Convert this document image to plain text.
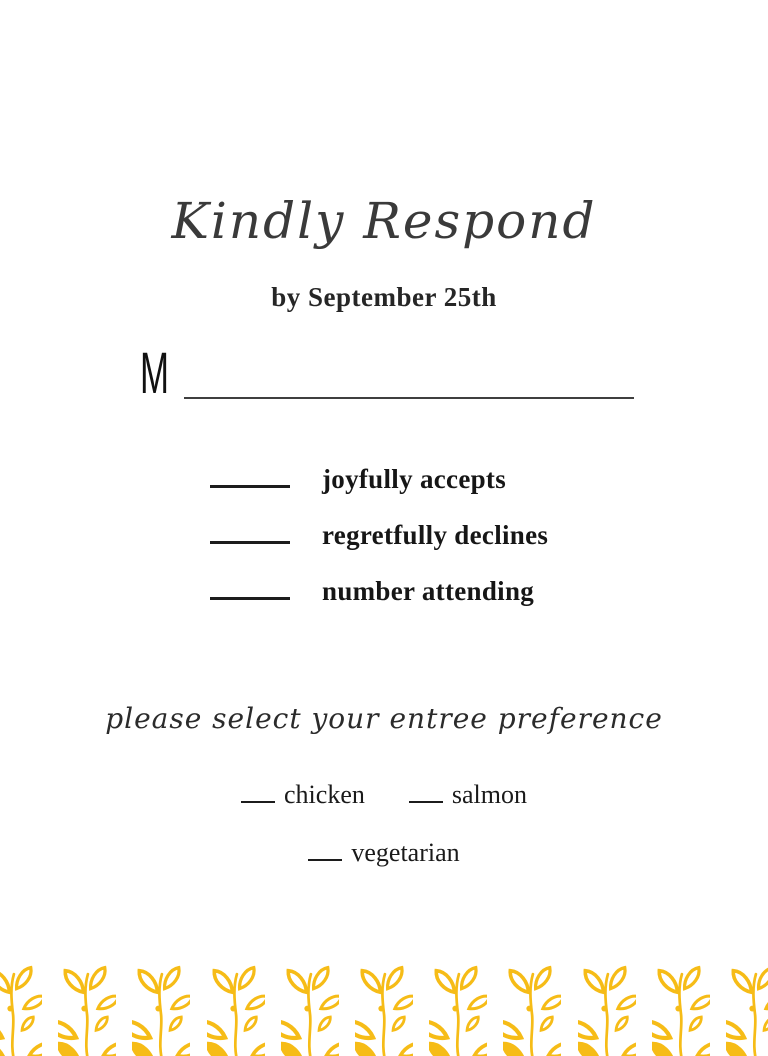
Kindly Respond
by September 25th
M
joyfully accepts
regretfully declines
number attending
please select your entree preference
chicken	salmon
vegetarian
